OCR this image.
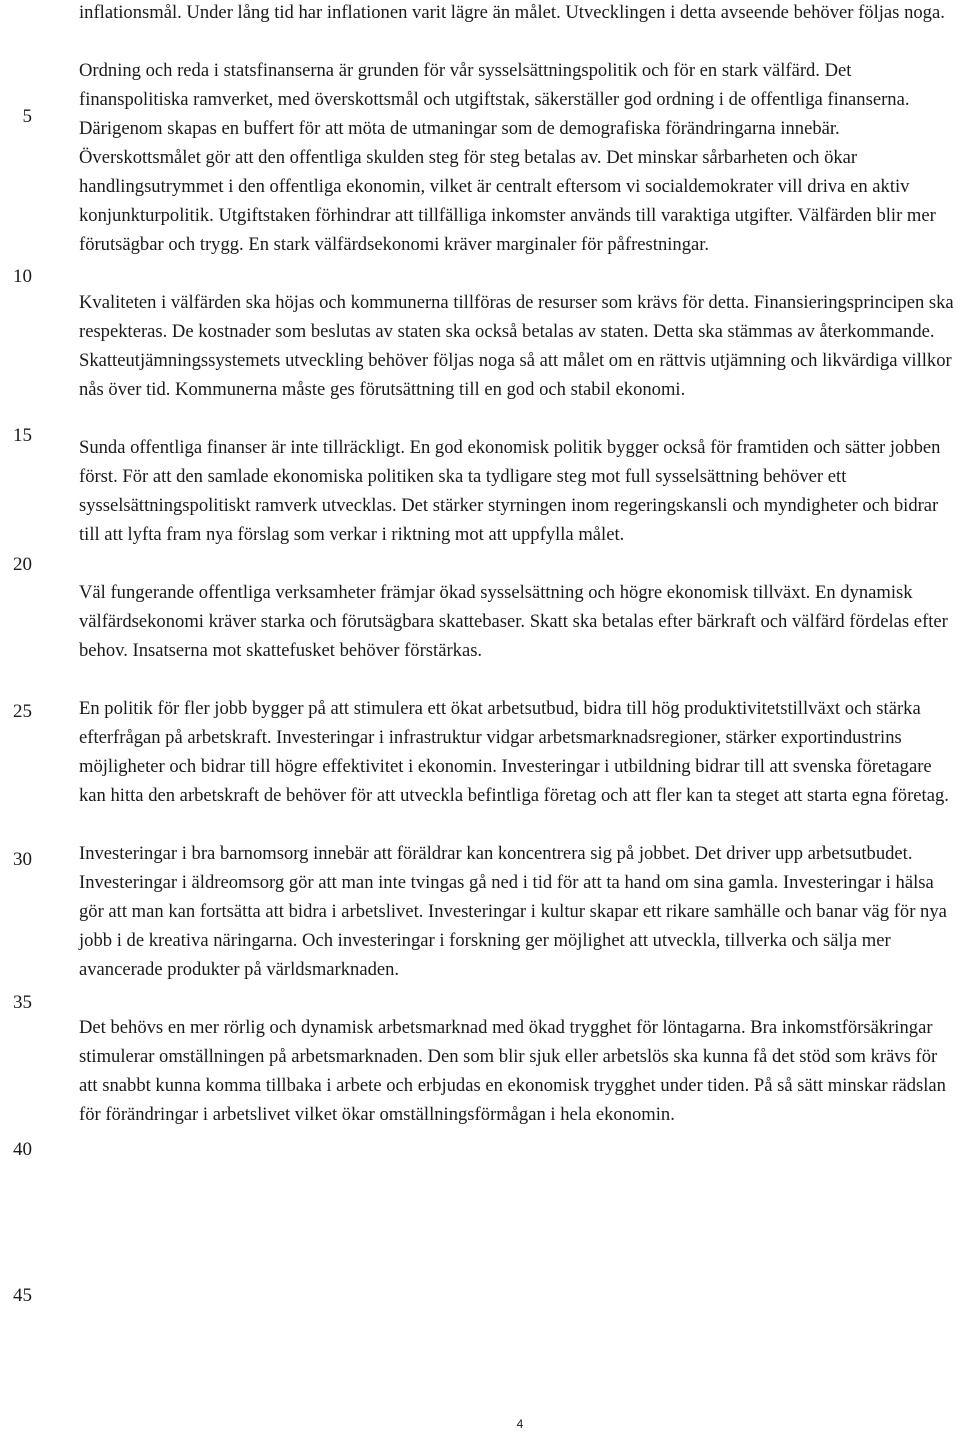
5
10
15
20
25
30
35
40
45

inflationsmål. Under lång tid har inflationen varit lägre än målet. Utvecklingen i detta avseende behöver följas noga.

Ordning och reda i statsfinanserna är grunden för vår sysselsättningspolitik och för en stark välfärd. Det finanspolitiska ramverket, med överskottsmål och utgiftstak, säkerställer god ordning i de offentliga finanserna. Därigenom skapas en buffert för att möta de utmaningar som de demografiska förändringarna innebär. Överskottsmålet gör att den offentliga skulden steg för steg betalas av. Det minskar sårbarheten och ökar handlingsutrymmet i den offentliga ekonomin, vilket är centralt eftersom vi socialdemokrater vill driva en aktiv konjunkturpolitik. Utgiftstaken förhindrar att tillfälliga inkomster används till varaktiga utgifter. Välfärden blir mer förutsägbar och trygg. En stark välfärdsekonomi kräver marginaler för påfrestningar.

Kvaliteten i välfärden ska höjas och kommunerna tillföras de resurser som krävs för detta. Finansieringsprincipen ska respekteras. De kostnader som beslutas av staten ska också betalas av staten. Detta ska stämmas av återkommande. Skatteutjämningssystemets utveckling behöver följas noga så att målet om en rättvis utjämning och likvärdiga villkor nås över tid. Kommunerna måste ges förutsättning till en god och stabil ekonomi.

Sunda offentliga finanser är inte tillräckligt. En god ekonomisk politik bygger också för framtiden och sätter jobben först. För att den samlade ekonomiska politiken ska ta tydligare steg mot full sysselsättning behöver ett sysselsättningspolitiskt ramverk utvecklas. Det stärker styrningen inom regeringskansli och myndigheter och bidrar till att lyfta fram nya förslag som verkar i riktning mot att uppfylla målet.

Väl fungerande offentliga verksamheter främjar ökad sysselsättning och högre ekonomisk tillväxt. En dynamisk välfärdsekonomi kräver starka och förutsägbara skattebaser. Skatt ska betalas efter bärkraft och välfärd fördelas efter behov. Insatserna mot skattefusket behöver förstärkas.

En politik för fler jobb bygger på att stimulera ett ökat arbetsutbud, bidra till hög produktivitetstillväxt och stärka efterfrågan på arbetskraft. Investeringar i infrastruktur vidgar arbetsmarknadsregioner, stärker exportindustrins möjligheter och bidrar till högre effektivitet i ekonomin. Investeringar i utbildning bidrar till att svenska företagare kan hitta den arbetskraft de behöver för att utveckla befintliga företag och att fler kan ta steget att starta egna företag.

Investeringar i bra barnomsorg innebär att föräldrar kan koncentrera sig på jobbet. Det driver upp arbetsutbudet. Investeringar i äldreomsorg gör att man inte tvingas gå ned i tid för att ta hand om sina gamla. Investeringar i hälsa gör att man kan fortsätta att bidra i arbetslivet. Investeringar i kultur skapar ett rikare samhälle och banar väg för nya jobb i de kreativa näringarna. Och investeringar i forskning ger möjlighet att utveckla, tillverka och sälja mer avancerade produkter på världsmarknaden.

Det behövs en mer rörlig och dynamisk arbetsmarknad med ökad trygghet för löntagarna. Bra inkomstförsäkringar stimulerar omställningen på arbetsmarknaden. Den som blir sjuk eller arbetslös ska kunna få det stöd som krävs för att snabbt kunna komma tillbaka i arbete och erbjudas en ekonomisk trygghet under tiden. På så sätt minskar rädslan för förändringar i arbetslivet vilket ökar omställningsförmågan i hela ekonomin.

4
